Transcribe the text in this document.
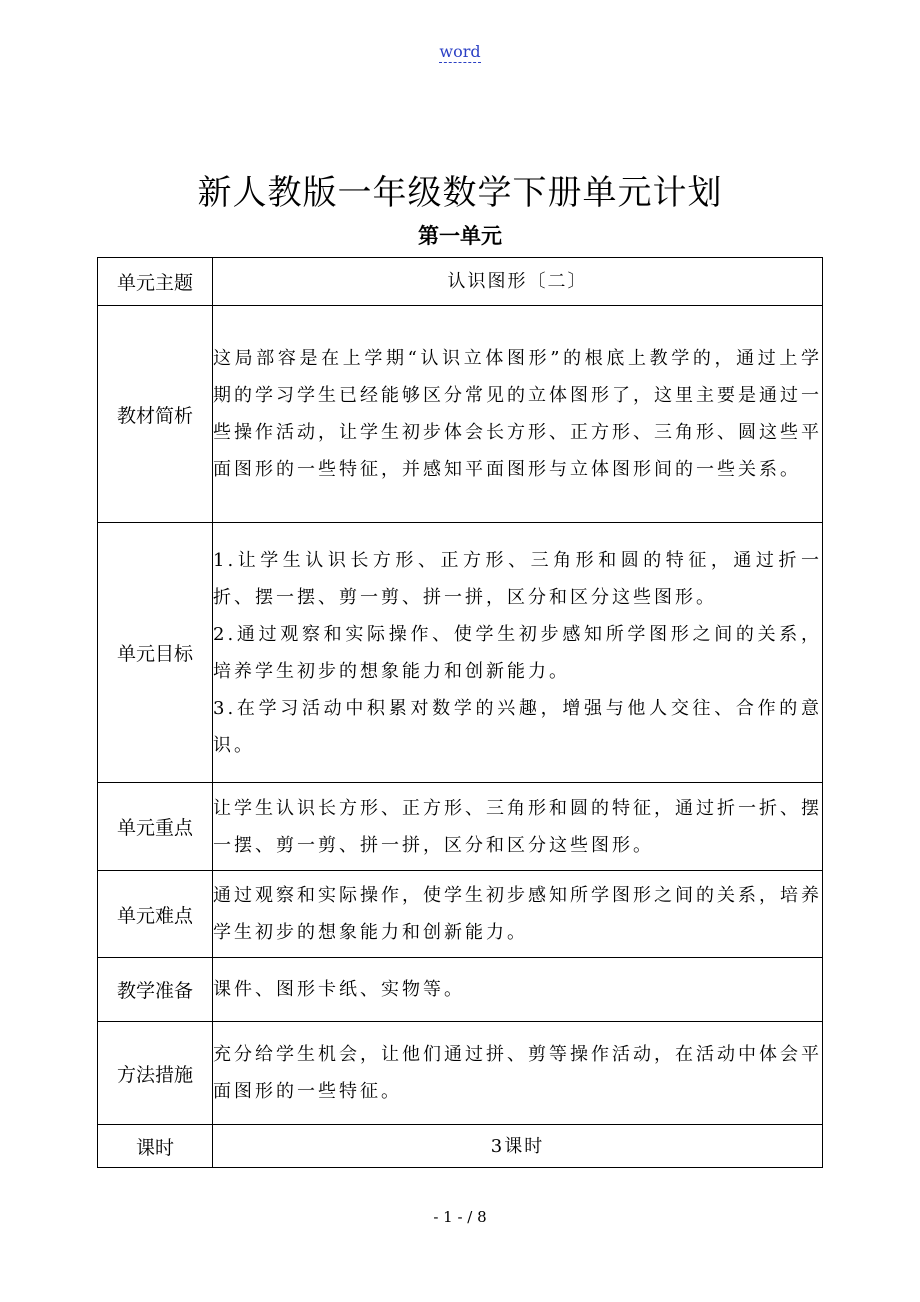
word
新人教版一年级数学下册单元计划
第一单元
单元主题	认识图形〔二〕
教材简析	这局部容是在上学期“认识立体图形”的根底上教学的，通过上学期的学习学生已经能够区分常见的立体图形了，这里主要是通过一些操作活动，让学生初步体会长方形、正方形、三角形、圆这些平面图形的一些特征，并感知平面图形与立体图形间的一些关系。
单元目标	1.让学生认识长方形、正方形、三角形和圆的特征，通过折一折、摆一摆、剪一剪、拼一拼，区分和区分这些图形。
2.通过观察和实际操作、使学生初步感知所学图形之间的关系，培养学生初步的想象能力和创新能力。
3.在学习活动中积累对数学的兴趣，增强与他人交往、合作的意识。

单元重点	让学生认识长方形、正方形、三角形和圆的特征，通过折一折、摆一摆、剪一剪、拼一拼，区分和区分这些图形。
单元难点	通过观察和实际操作，使学生初步感知所学图形之间的关系，培养学生初步的想象能力和创新能力。
教学准备	课件、图形卡纸、实物等。
方法措施	充分给学生机会，让他们通过拼、剪等操作活动，在活动中体会平面图形的一些特征。
课时	3课时
- 1 - / 8
